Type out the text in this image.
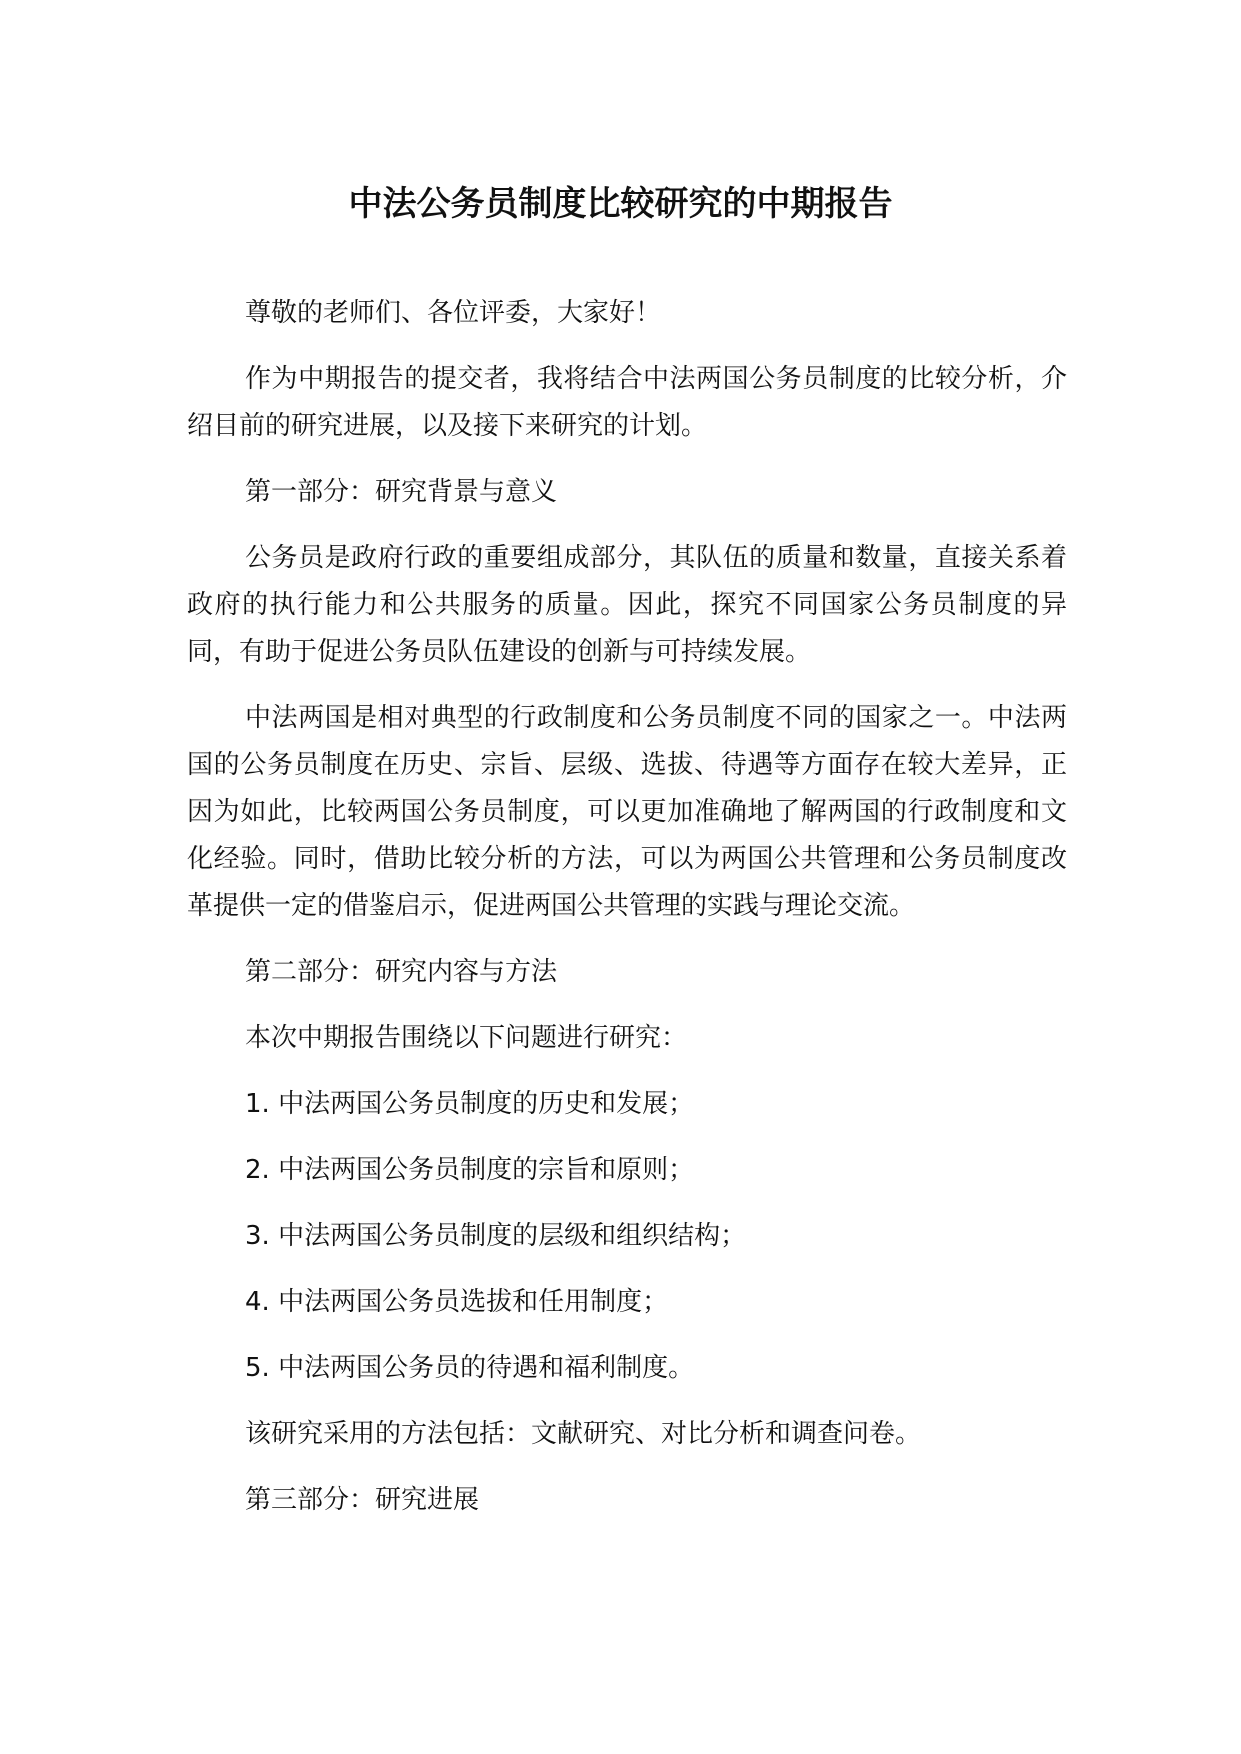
中法公务员制度比较研究的中期报告

尊敬的老师们、各位评委，大家好！

作为中期报告的提交者，我将结合中法两国公务员制度的比较分析，介绍目前的研究进展，以及接下来研究的计划。

第一部分：研究背景与意义

公务员是政府行政的重要组成部分，其队伍的质量和数量，直接关系着政府的执行能力和公共服务的质量。因此，探究不同国家公务员制度的异同，有助于促进公务员队伍建设的创新与可持续发展。

中法两国是相对典型的行政制度和公务员制度不同的国家之一。中法两国的公务员制度在历史、宗旨、层级、选拔、待遇等方面存在较大差异，正因为如此，比较两国公务员制度，可以更加准确地了解两国的行政制度和文化经验。同时，借助比较分析的方法，可以为两国公共管理和公务员制度改革提供一定的借鉴启示，促进两国公共管理的实践与理论交流。

第二部分：研究内容与方法

本次中期报告围绕以下问题进行研究：

1. 中法两国公务员制度的历史和发展；

2. 中法两国公务员制度的宗旨和原则；

3. 中法两国公务员制度的层级和组织结构；

4. 中法两国公务员选拔和任用制度；

5. 中法两国公务员的待遇和福利制度。

该研究采用的方法包括：文献研究、对比分析和调查问卷。

第三部分：研究进展
